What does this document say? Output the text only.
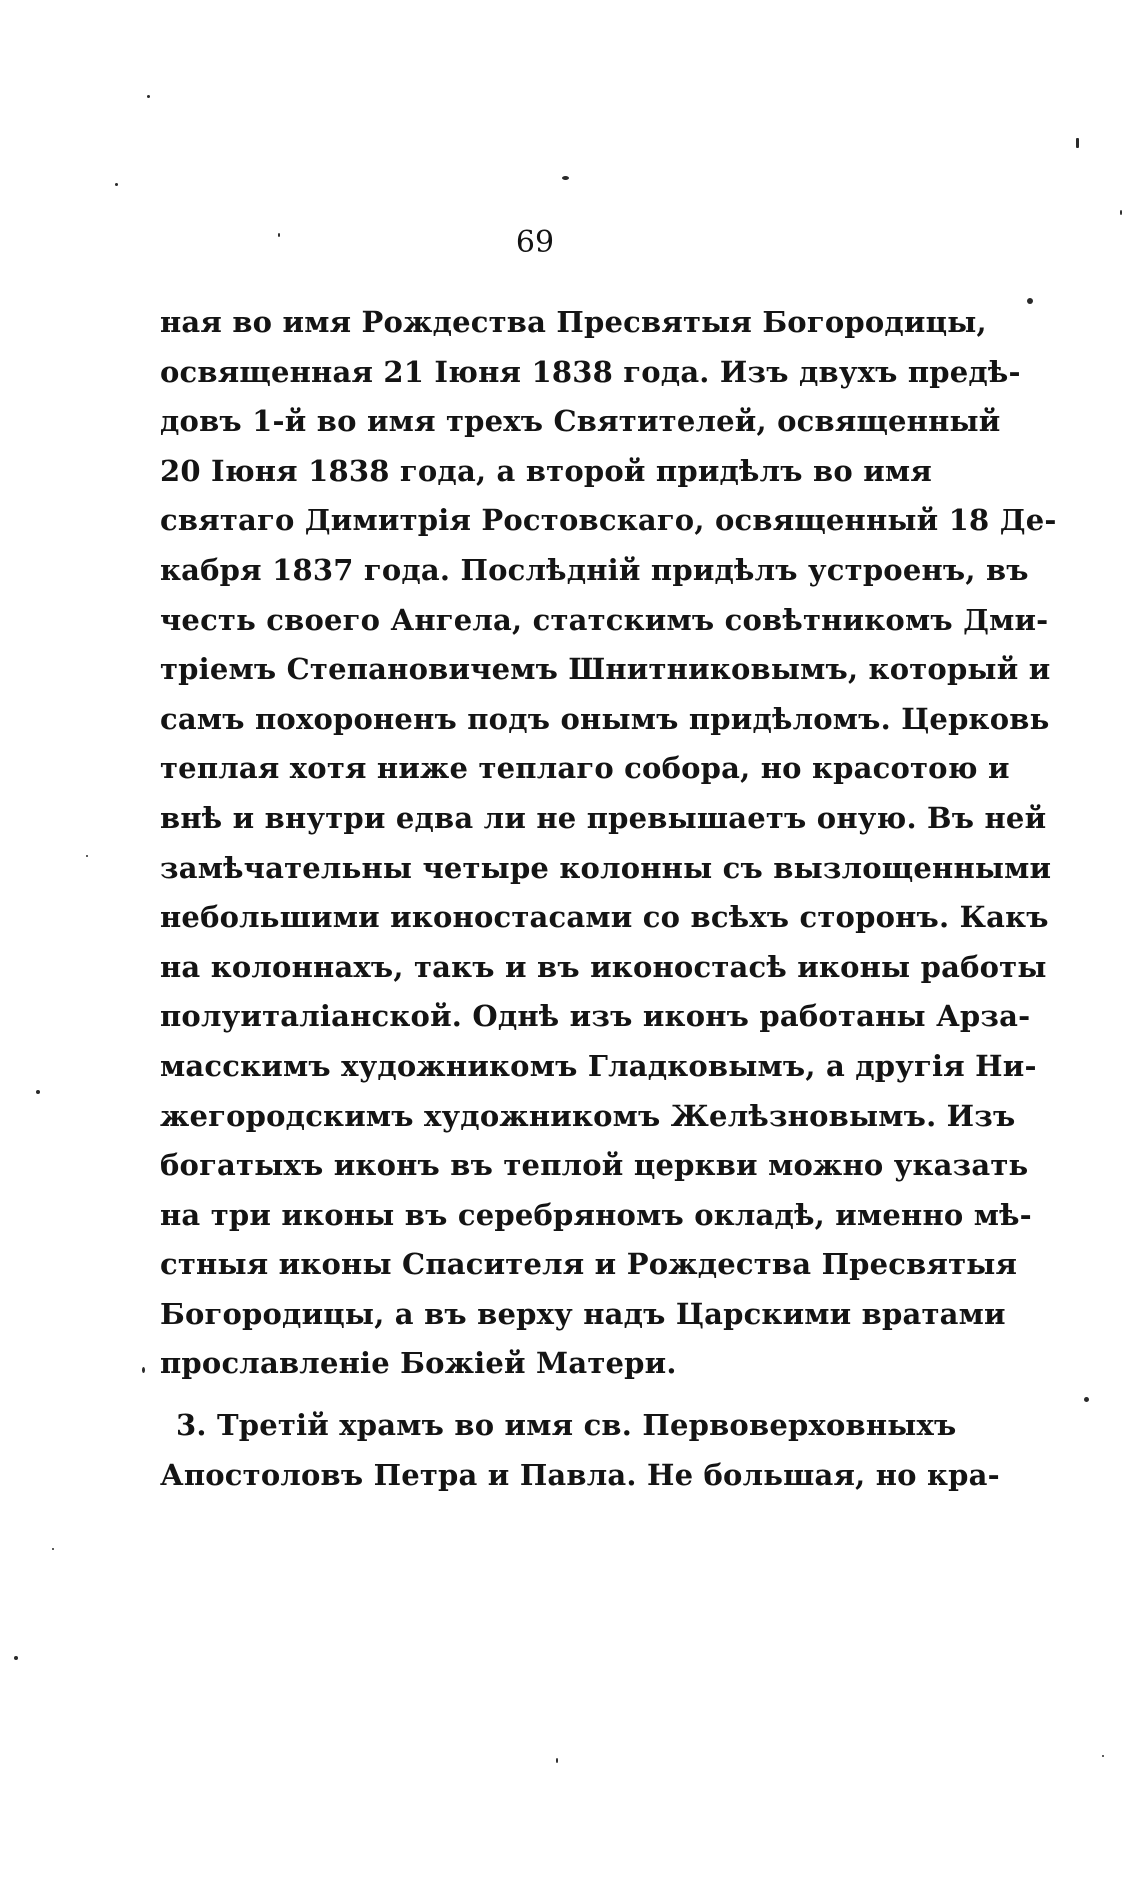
69
ная во имя Рождества Пресвятыя Богородицы,
освященная 21 Іюня 1838 года. Изъ двухъ предѣ-
довъ 1-й во имя трехъ Святителей, освященный
20 Іюня 1838 года, а второй придѣлъ во имя
святаго Димитрія Ростовскаго, освященный 18 Де-
кабря 1837 года. Послѣдній придѣлъ устроенъ, въ
честь своего Ангела, статскимъ совѣтникомъ Дми-
тріемъ Степановичемъ Шнитниковымъ, который и
самъ похороненъ подъ онымъ придѣломъ. Церковь
теплая хотя ниже теплаго собора, но красотою и
внѣ и внутри едва ли не превышаетъ оную. Въ ней
замѣчательны четыре колонны съ вызлощенными
небольшими иконостасами со всѣхъ сторонъ. Какъ
на колоннахъ, такъ и въ иконостасѣ иконы работы
полуиталіанской. Однѣ изъ иконъ работаны Арза-
масскимъ художникомъ Гладковымъ, а другія Ни-
жегородскимъ художникомъ Желѣзновымъ. Изъ
богатыхъ иконъ въ теплой церкви можно указать
на три иконы въ серебряномъ окладѣ, именно мѣ-
стныя иконы Спасителя и Рождества Пресвятыя
Богородицы, а въ верху надъ Царскими вратами
прославленіе Божіей Матери.
3. Третій храмъ во имя св. Первоверховныхъ
Апостоловъ Петра и Павла. Не большая, но кра-
